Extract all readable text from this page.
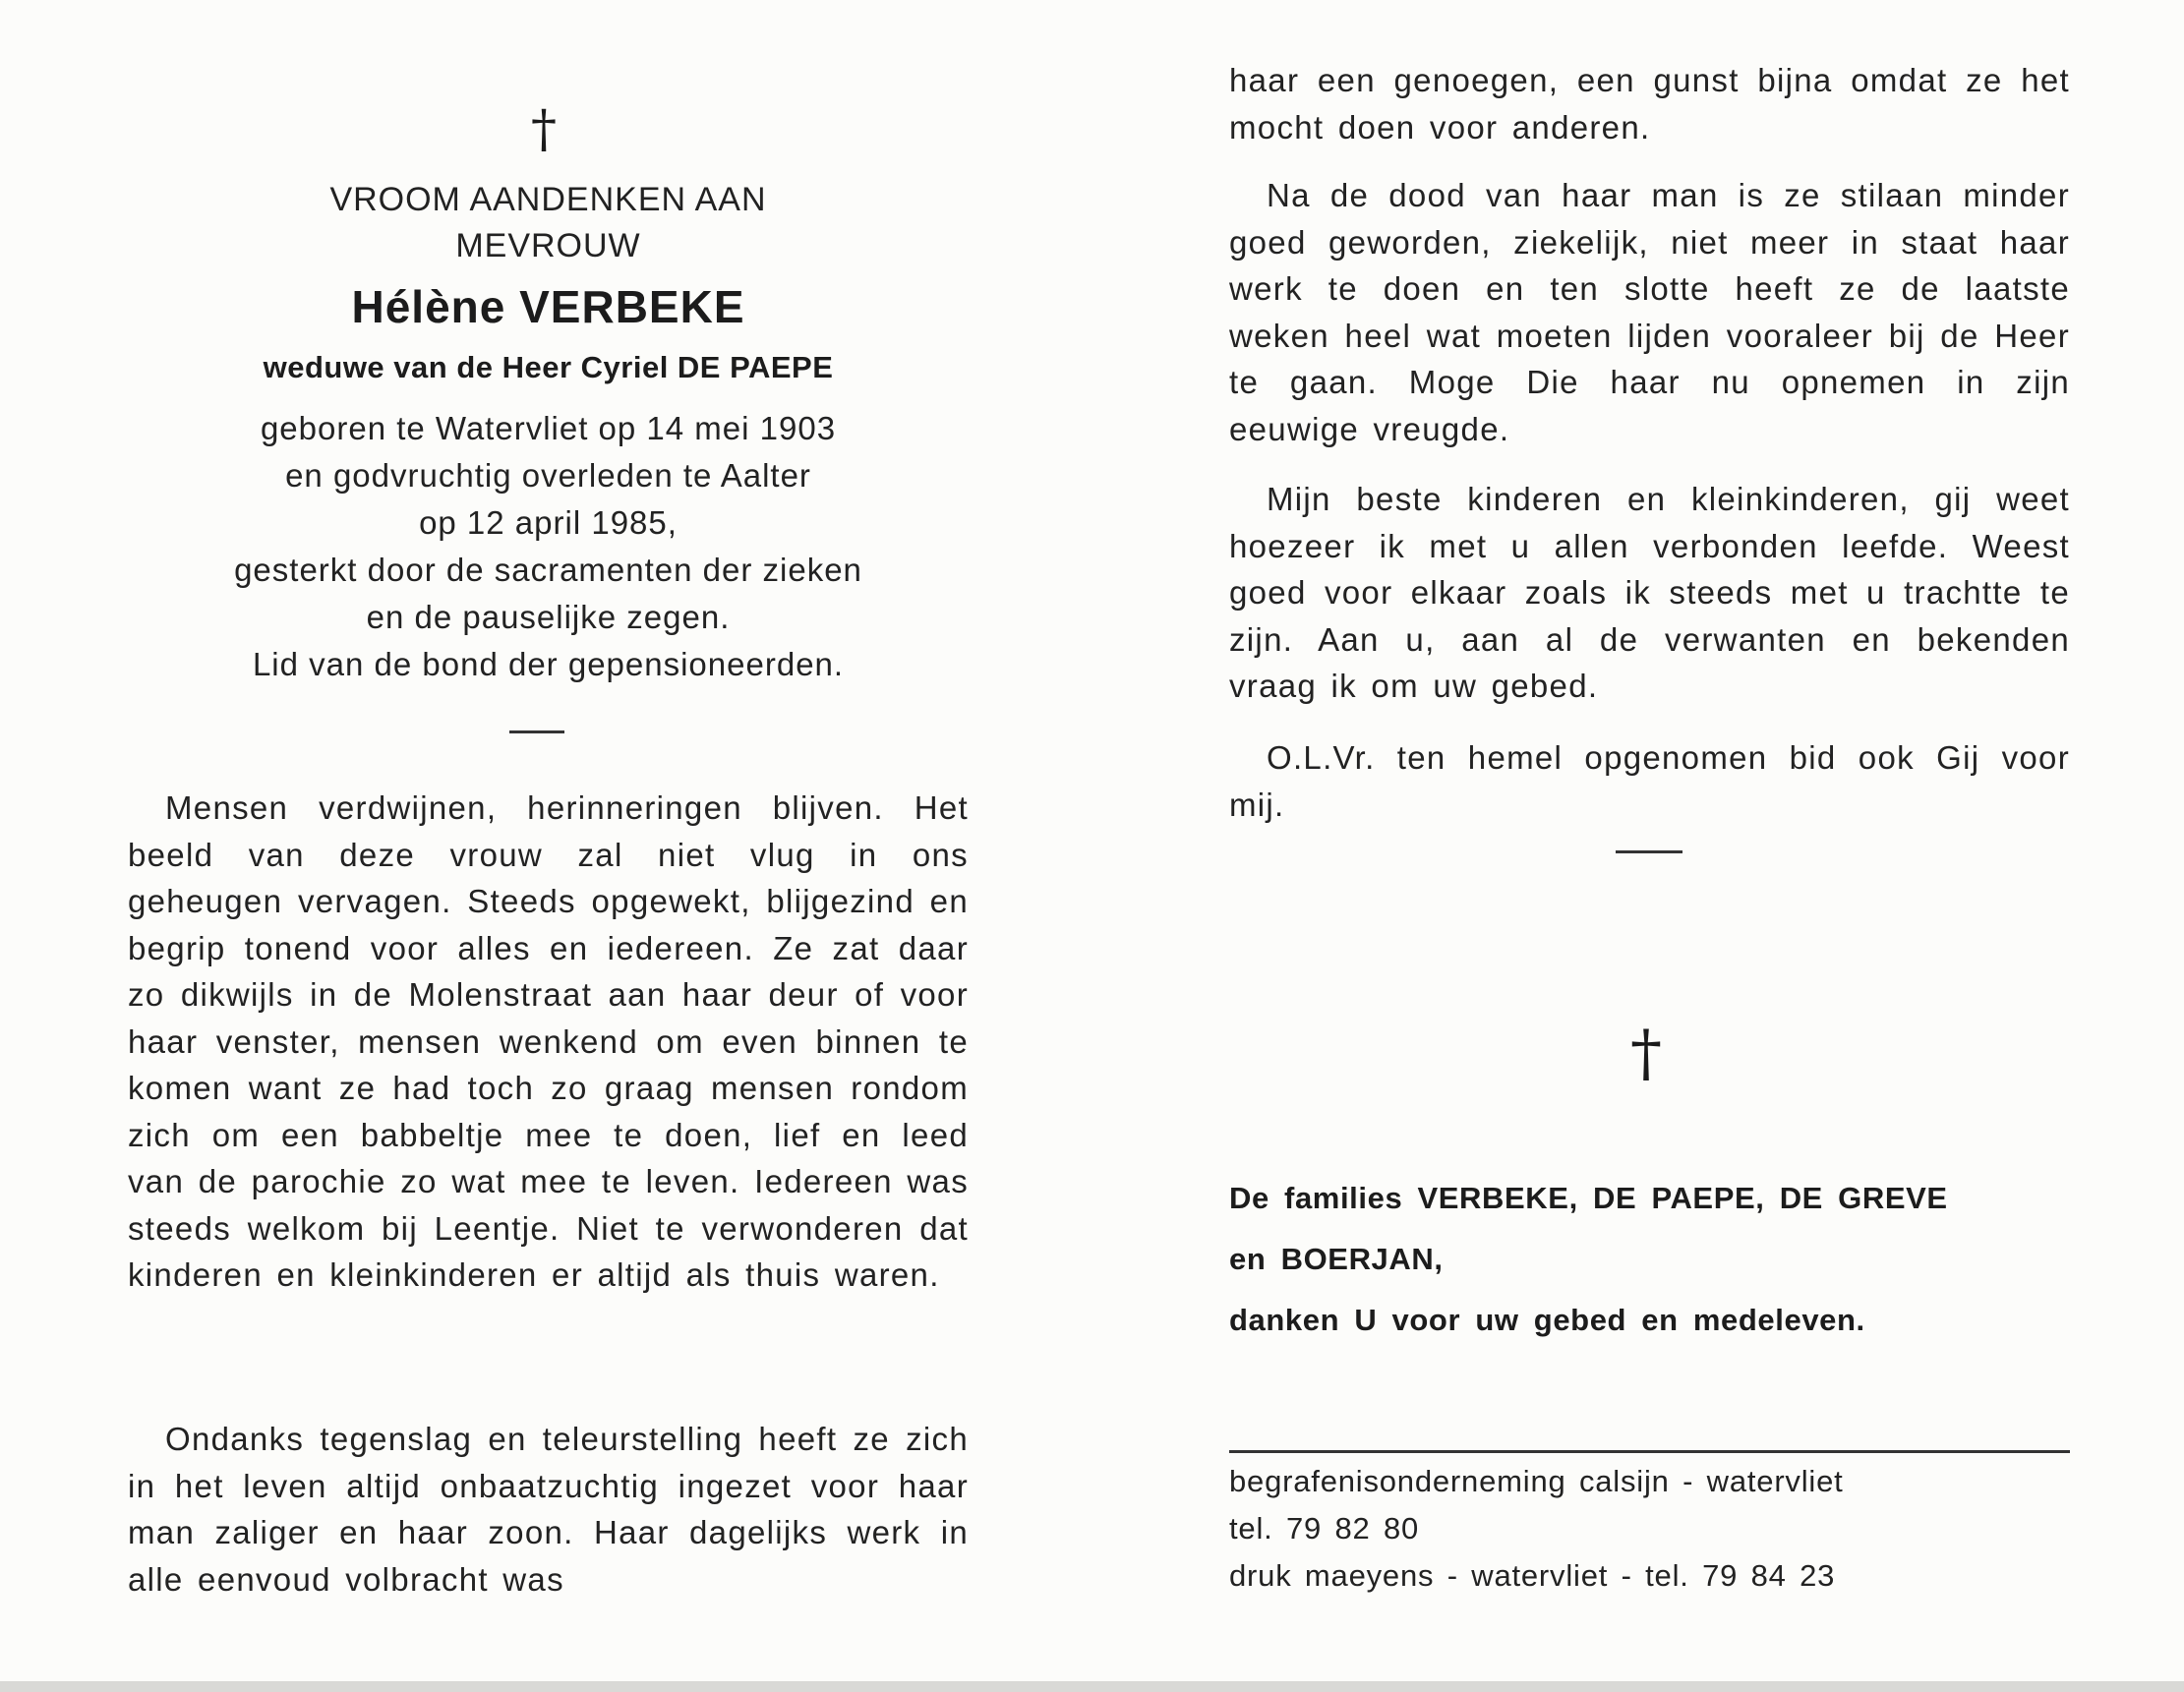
†
VROOM AANDENKEN AAN
MEVROUW
Hélène VERBEKE
weduwe van de Heer Cyriel DE PAEPE
geboren te Watervliet op 14 mei 1903
en godvruchtig overleden te Aalter
op 12 april 1985,
gesterkt door de sacramenten der zieken
en de pauselijke zegen.
Lid van de bond der gepensioneerden.

Mensen verdwijnen, herinneringen blijven. Het beeld van deze vrouw zal niet vlug in ons geheugen vervagen. Steeds opgewekt, blijgezind en begrip tonend voor alles en iedereen. Ze zat daar zo dikwijls in de Molenstraat aan haar deur of voor haar venster, mensen wenkend om even binnen te komen want ze had toch zo graag mensen rondom zich om een babbeltje mee te doen, lief en leed van de parochie zo wat mee te leven. Iedereen was steeds welkom bij Leentje. Niet te verwonderen dat kinderen en kleinkinderen er altijd als thuis waren.

Ondanks tegenslag en teleurstelling heeft ze zich in het leven altijd onbaatzuchtig ingezet voor haar man zaliger en haar zoon. Haar dagelijks werk in alle eenvoud volbracht was

haar een genoegen, een gunst bijna omdat ze het mocht doen voor anderen.

Na de dood van haar man is ze stilaan minder goed geworden, ziekelijk, niet meer in staat haar werk te doen en ten slotte heeft ze de laatste weken heel wat moeten lijden vooraleer bij de Heer te gaan. Moge Die haar nu opnemen in zijn eeuwige vreugde.

Mijn beste kinderen en kleinkinderen, gij weet hoezeer ik met u allen verbonden leefde. Weest goed voor elkaar zoals ik steeds met u trachtte te zijn. Aan u, aan al de verwanten en bekenden vraag ik om uw gebed.

O.L.Vr. ten hemel opgenomen bid ook Gij voor mij.

†
De families VERBEKE, DE PAEPE, DE GREVE
en BOERJAN,
danken U voor uw gebed en medeleven.
begrafenisonderneming calsijn - watervliet
tel. 79 82 80
druk maeyens - watervliet - tel. 79 84 23
